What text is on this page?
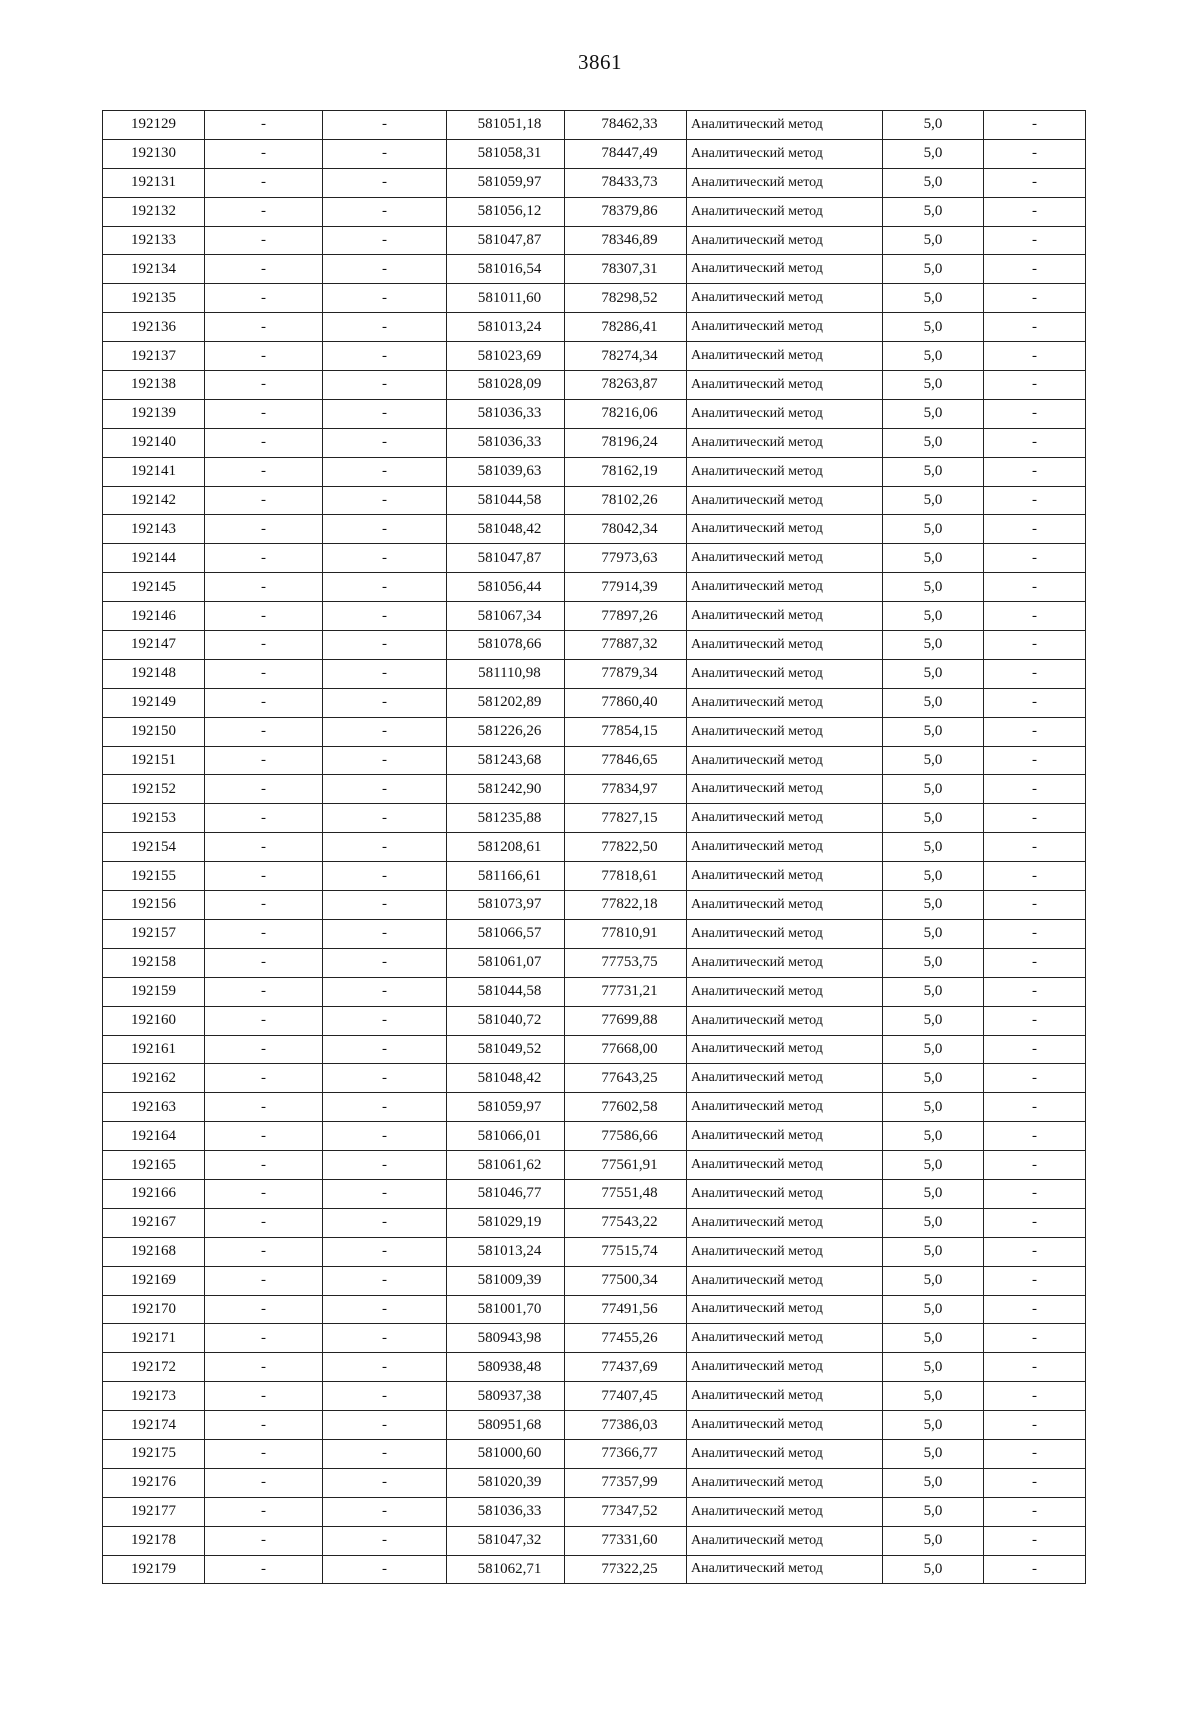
3861
192129	-	-	581051,18	78462,33	Аналитический метод	5,0	-
192130	-	-	581058,31	78447,49	Аналитический метод	5,0	-
192131	-	-	581059,97	78433,73	Аналитический метод	5,0	-
192132	-	-	581056,12	78379,86	Аналитический метод	5,0	-
192133	-	-	581047,87	78346,89	Аналитический метод	5,0	-
192134	-	-	581016,54	78307,31	Аналитический метод	5,0	-
192135	-	-	581011,60	78298,52	Аналитический метод	5,0	-
192136	-	-	581013,24	78286,41	Аналитический метод	5,0	-
192137	-	-	581023,69	78274,34	Аналитический метод	5,0	-
192138	-	-	581028,09	78263,87	Аналитический метод	5,0	-
192139	-	-	581036,33	78216,06	Аналитический метод	5,0	-
192140	-	-	581036,33	78196,24	Аналитический метод	5,0	-
192141	-	-	581039,63	78162,19	Аналитический метод	5,0	-
192142	-	-	581044,58	78102,26	Аналитический метод	5,0	-
192143	-	-	581048,42	78042,34	Аналитический метод	5,0	-
192144	-	-	581047,87	77973,63	Аналитический метод	5,0	-
192145	-	-	581056,44	77914,39	Аналитический метод	5,0	-
192146	-	-	581067,34	77897,26	Аналитический метод	5,0	-
192147	-	-	581078,66	77887,32	Аналитический метод	5,0	-
192148	-	-	581110,98	77879,34	Аналитический метод	5,0	-
192149	-	-	581202,89	77860,40	Аналитический метод	5,0	-
192150	-	-	581226,26	77854,15	Аналитический метод	5,0	-
192151	-	-	581243,68	77846,65	Аналитический метод	5,0	-
192152	-	-	581242,90	77834,97	Аналитический метод	5,0	-
192153	-	-	581235,88	77827,15	Аналитический метод	5,0	-
192154	-	-	581208,61	77822,50	Аналитический метод	5,0	-
192155	-	-	581166,61	77818,61	Аналитический метод	5,0	-
192156	-	-	581073,97	77822,18	Аналитический метод	5,0	-
192157	-	-	581066,57	77810,91	Аналитический метод	5,0	-
192158	-	-	581061,07	77753,75	Аналитический метод	5,0	-
192159	-	-	581044,58	77731,21	Аналитический метод	5,0	-
192160	-	-	581040,72	77699,88	Аналитический метод	5,0	-
192161	-	-	581049,52	77668,00	Аналитический метод	5,0	-
192162	-	-	581048,42	77643,25	Аналитический метод	5,0	-
192163	-	-	581059,97	77602,58	Аналитический метод	5,0	-
192164	-	-	581066,01	77586,66	Аналитический метод	5,0	-
192165	-	-	581061,62	77561,91	Аналитический метод	5,0	-
192166	-	-	581046,77	77551,48	Аналитический метод	5,0	-
192167	-	-	581029,19	77543,22	Аналитический метод	5,0	-
192168	-	-	581013,24	77515,74	Аналитический метод	5,0	-
192169	-	-	581009,39	77500,34	Аналитический метод	5,0	-
192170	-	-	581001,70	77491,56	Аналитический метод	5,0	-
192171	-	-	580943,98	77455,26	Аналитический метод	5,0	-
192172	-	-	580938,48	77437,69	Аналитический метод	5,0	-
192173	-	-	580937,38	77407,45	Аналитический метод	5,0	-
192174	-	-	580951,68	77386,03	Аналитический метод	5,0	-
192175	-	-	581000,60	77366,77	Аналитический метод	5,0	-
192176	-	-	581020,39	77357,99	Аналитический метод	5,0	-
192177	-	-	581036,33	77347,52	Аналитический метод	5,0	-
192178	-	-	581047,32	77331,60	Аналитический метод	5,0	-
192179	-	-	581062,71	77322,25	Аналитический метод	5,0	-
